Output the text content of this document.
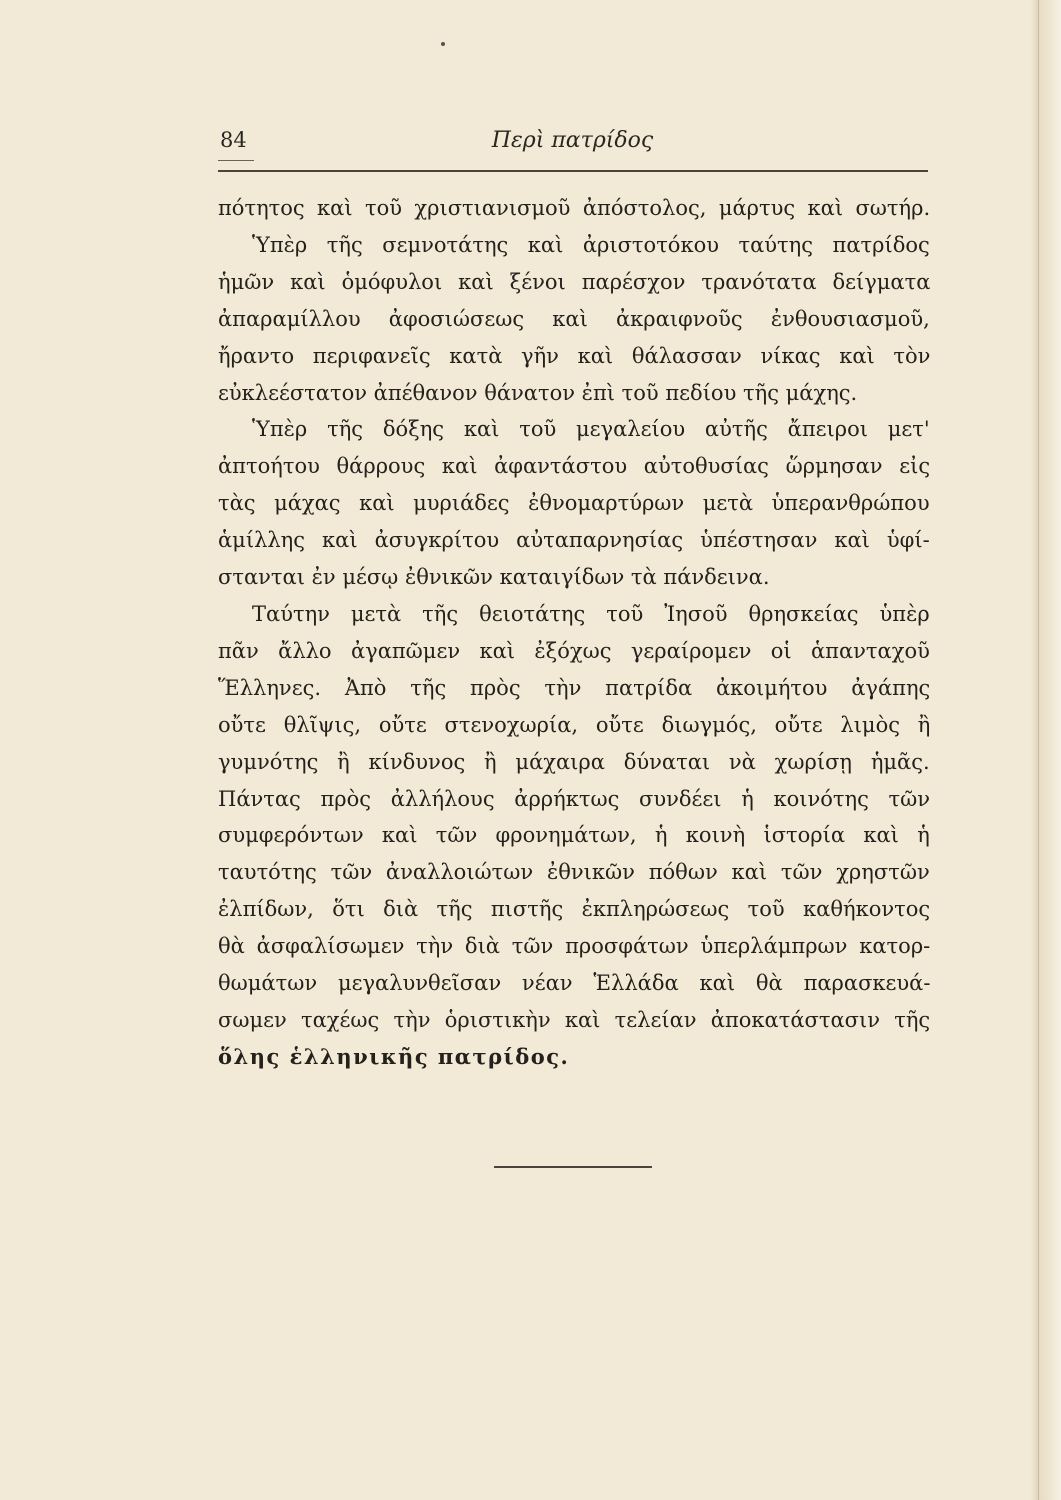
84	Περὶ πατρίδος
πότητος καὶ τοῦ χριστιανισμοῦ ἀπόστολος, μάρτυς καὶ σωτήρ.
Ὑπὲρ τῆς σεμνοτάτης καὶ ἀριστοτόκου ταύτης πατρίδος
ἡμῶν καὶ ὁμόφυλοι καὶ ξένοι παρέσχον τρανότατα δείγματα
ἀπαραμίλλου ἀφοσιώσεως καὶ ἀκραιφνοῦς ἐνθουσιασμοῦ,
ἤραντο περιφανεῖς κατὰ γῆν καὶ θάλασσαν νίκας καὶ τὸν
εὐκλεέστατον ἀπέθανον θάνατον ἐπὶ τοῦ πεδίου τῆς μάχης.
Ὑπὲρ τῆς δόξης καὶ τοῦ μεγαλείου αὐτῆς ἄπειροι μετ'
ἀπτοήτου θάρρους καὶ ἀφαντάστου αὐτοθυσίας ὥρμησαν εἰς
τὰς μάχας καὶ μυριάδες ἐθνομαρτύρων μετὰ ὑπερανθρώπου
ἁμίλλης καὶ ἀσυγκρίτου αὐταπαρνησίας ὑπέστησαν καὶ ὑφί-
στανται ἐν μέσῳ ἐθνικῶν καταιγίδων τὰ πάνδεινα.
Ταύτην μετὰ τῆς θειοτάτης τοῦ Ἰησοῦ θρησκείας ὑπὲρ
πᾶν ἄλλο ἀγαπῶμεν καὶ ἐξόχως γεραίρομεν οἱ ἁπανταχοῦ
Ἕλληνες. Ἀπὸ τῆς πρὸς τὴν πατρίδα ἀκοιμήτου ἀγάπης
οὔτε θλῖψις, οὔτε στενοχωρία, οὔτε διωγμός, οὔτε λιμὸς ἢ
γυμνότης ἢ κίνδυνος ἢ μάχαιρα δύναται νὰ χωρίσῃ ἡμᾶς.
Πάντας πρὸς ἀλλήλους ἀρρήκτως συνδέει ἡ κοινότης τῶν
συμφερόντων καὶ τῶν φρονημάτων, ἡ κοινὴ ἱστορία καὶ ἡ
ταυτότης τῶν ἀναλλοιώτων ἐθνικῶν πόθων καὶ τῶν χρηστῶν
ἐλπίδων, ὅτι διὰ τῆς πιστῆς ἐκπληρώσεως τοῦ καθήκοντος
θὰ ἀσφαλίσωμεν τὴν διὰ τῶν προσφάτων ὑπερλάμπρων κατορ-
θωμάτων μεγαλυνθεῖσαν νέαν Ἑλλάδα καὶ θὰ παρασκευά-
σωμεν ταχέως τὴν ὁριστικὴν καὶ τελείαν ἀποκατάστασιν τῆς
ὅλης ἑλληνικῆς πατρίδος.
